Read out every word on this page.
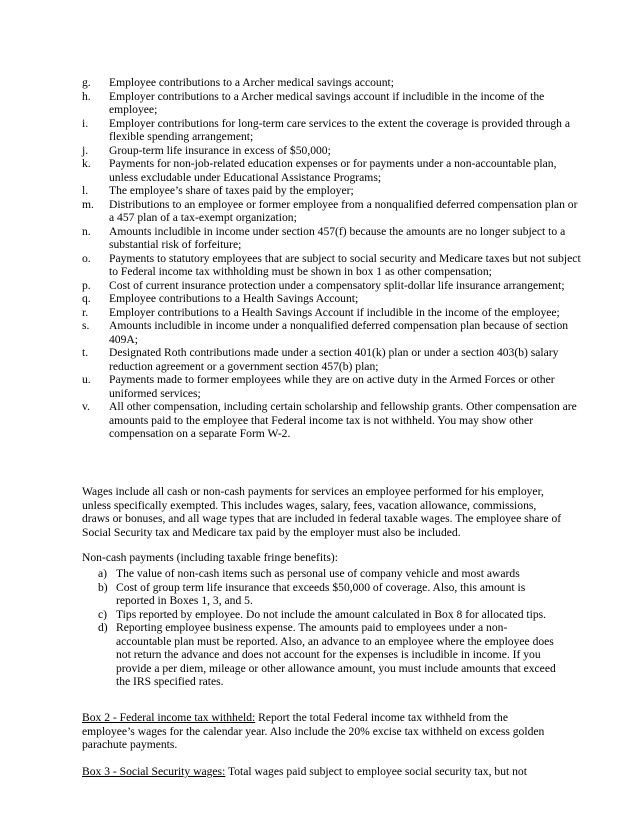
g.	Employee contributions to a Archer medical savings account;
h.	Employer contributions to a Archer medical savings account if includible in the income of the employee;
i.	Employer contributions for long-term care services to the extent the coverage is provided through a flexible spending arrangement;
j.	Group-term life insurance in excess of $50,000;
k.	Payments for non-job-related education expenses or for payments under a non-accountable plan, unless excludable under Educational Assistance Programs;
l.	The employee’s share of taxes paid by the employer;
m.	Distributions to an employee or former employee from a nonqualified deferred compensation plan or a 457 plan of a tax-exempt organization;
n.	Amounts includible in income under section 457(f) because the amounts are no longer subject to a substantial risk of forfeiture;
o.	Payments to statutory employees that are subject to social security and Medicare taxes but not subject to Federal income tax withholding must be shown in box 1 as other compensation;
p.	Cost of current insurance protection under a compensatory split-dollar life insurance arrangement;
q.	Employee contributions to a Health Savings Account;
r.	Employer contributions to a Health Savings Account if includible in the income of the employee;
s.	Amounts includible in income under a nonqualified deferred compensation plan because of section 409A;
t.	Designated Roth contributions made under a section 401(k) plan or under a section 403(b) salary reduction agreement or a government section 457(b) plan;
u.	Payments made to former employees while they are on active duty in the Armed Forces or other uniformed services;
v.	All other compensation, including certain scholarship and fellowship grants. Other compensation are amounts paid to the employee that Federal income tax is not withheld. You may show other compensation on a separate Form W-2.

Wages include all cash or non-cash payments for services an employee performed for his employer, unless specifically exempted. This includes wages, salary, fees, vacation allowance, commissions, draws or bonuses, and all wage types that are included in federal taxable wages. The employee share of Social Security tax and Medicare tax paid by the employer must also be included.

Non-cash payments (including taxable fringe benefits):

a) The value of non-cash items such as personal use of company vehicle and most awards
b) Cost of group term life insurance that exceeds $50,000 of coverage. Also, this amount is reported in Boxes 1, 3, and 5.
c) Tips reported by employee. Do not include the amount calculated in Box 8 for allocated tips.
d) Reporting employee business expense. The amounts paid to employees under a non-accountable plan must be reported. Also, an advance to an employee where the employee does not return the advance and does not account for the expenses is includible in income. If you provide a per diem, mileage or other allowance amount, you must include amounts that exceed the IRS specified rates.

Box 2 - Federal income tax withheld: Report the total Federal income tax withheld from the employee’s wages for the calendar year. Also include the 20% excise tax withheld on excess golden parachute payments.

Box 3 - Social Security wages: Total wages paid subject to employee social security tax, but not
